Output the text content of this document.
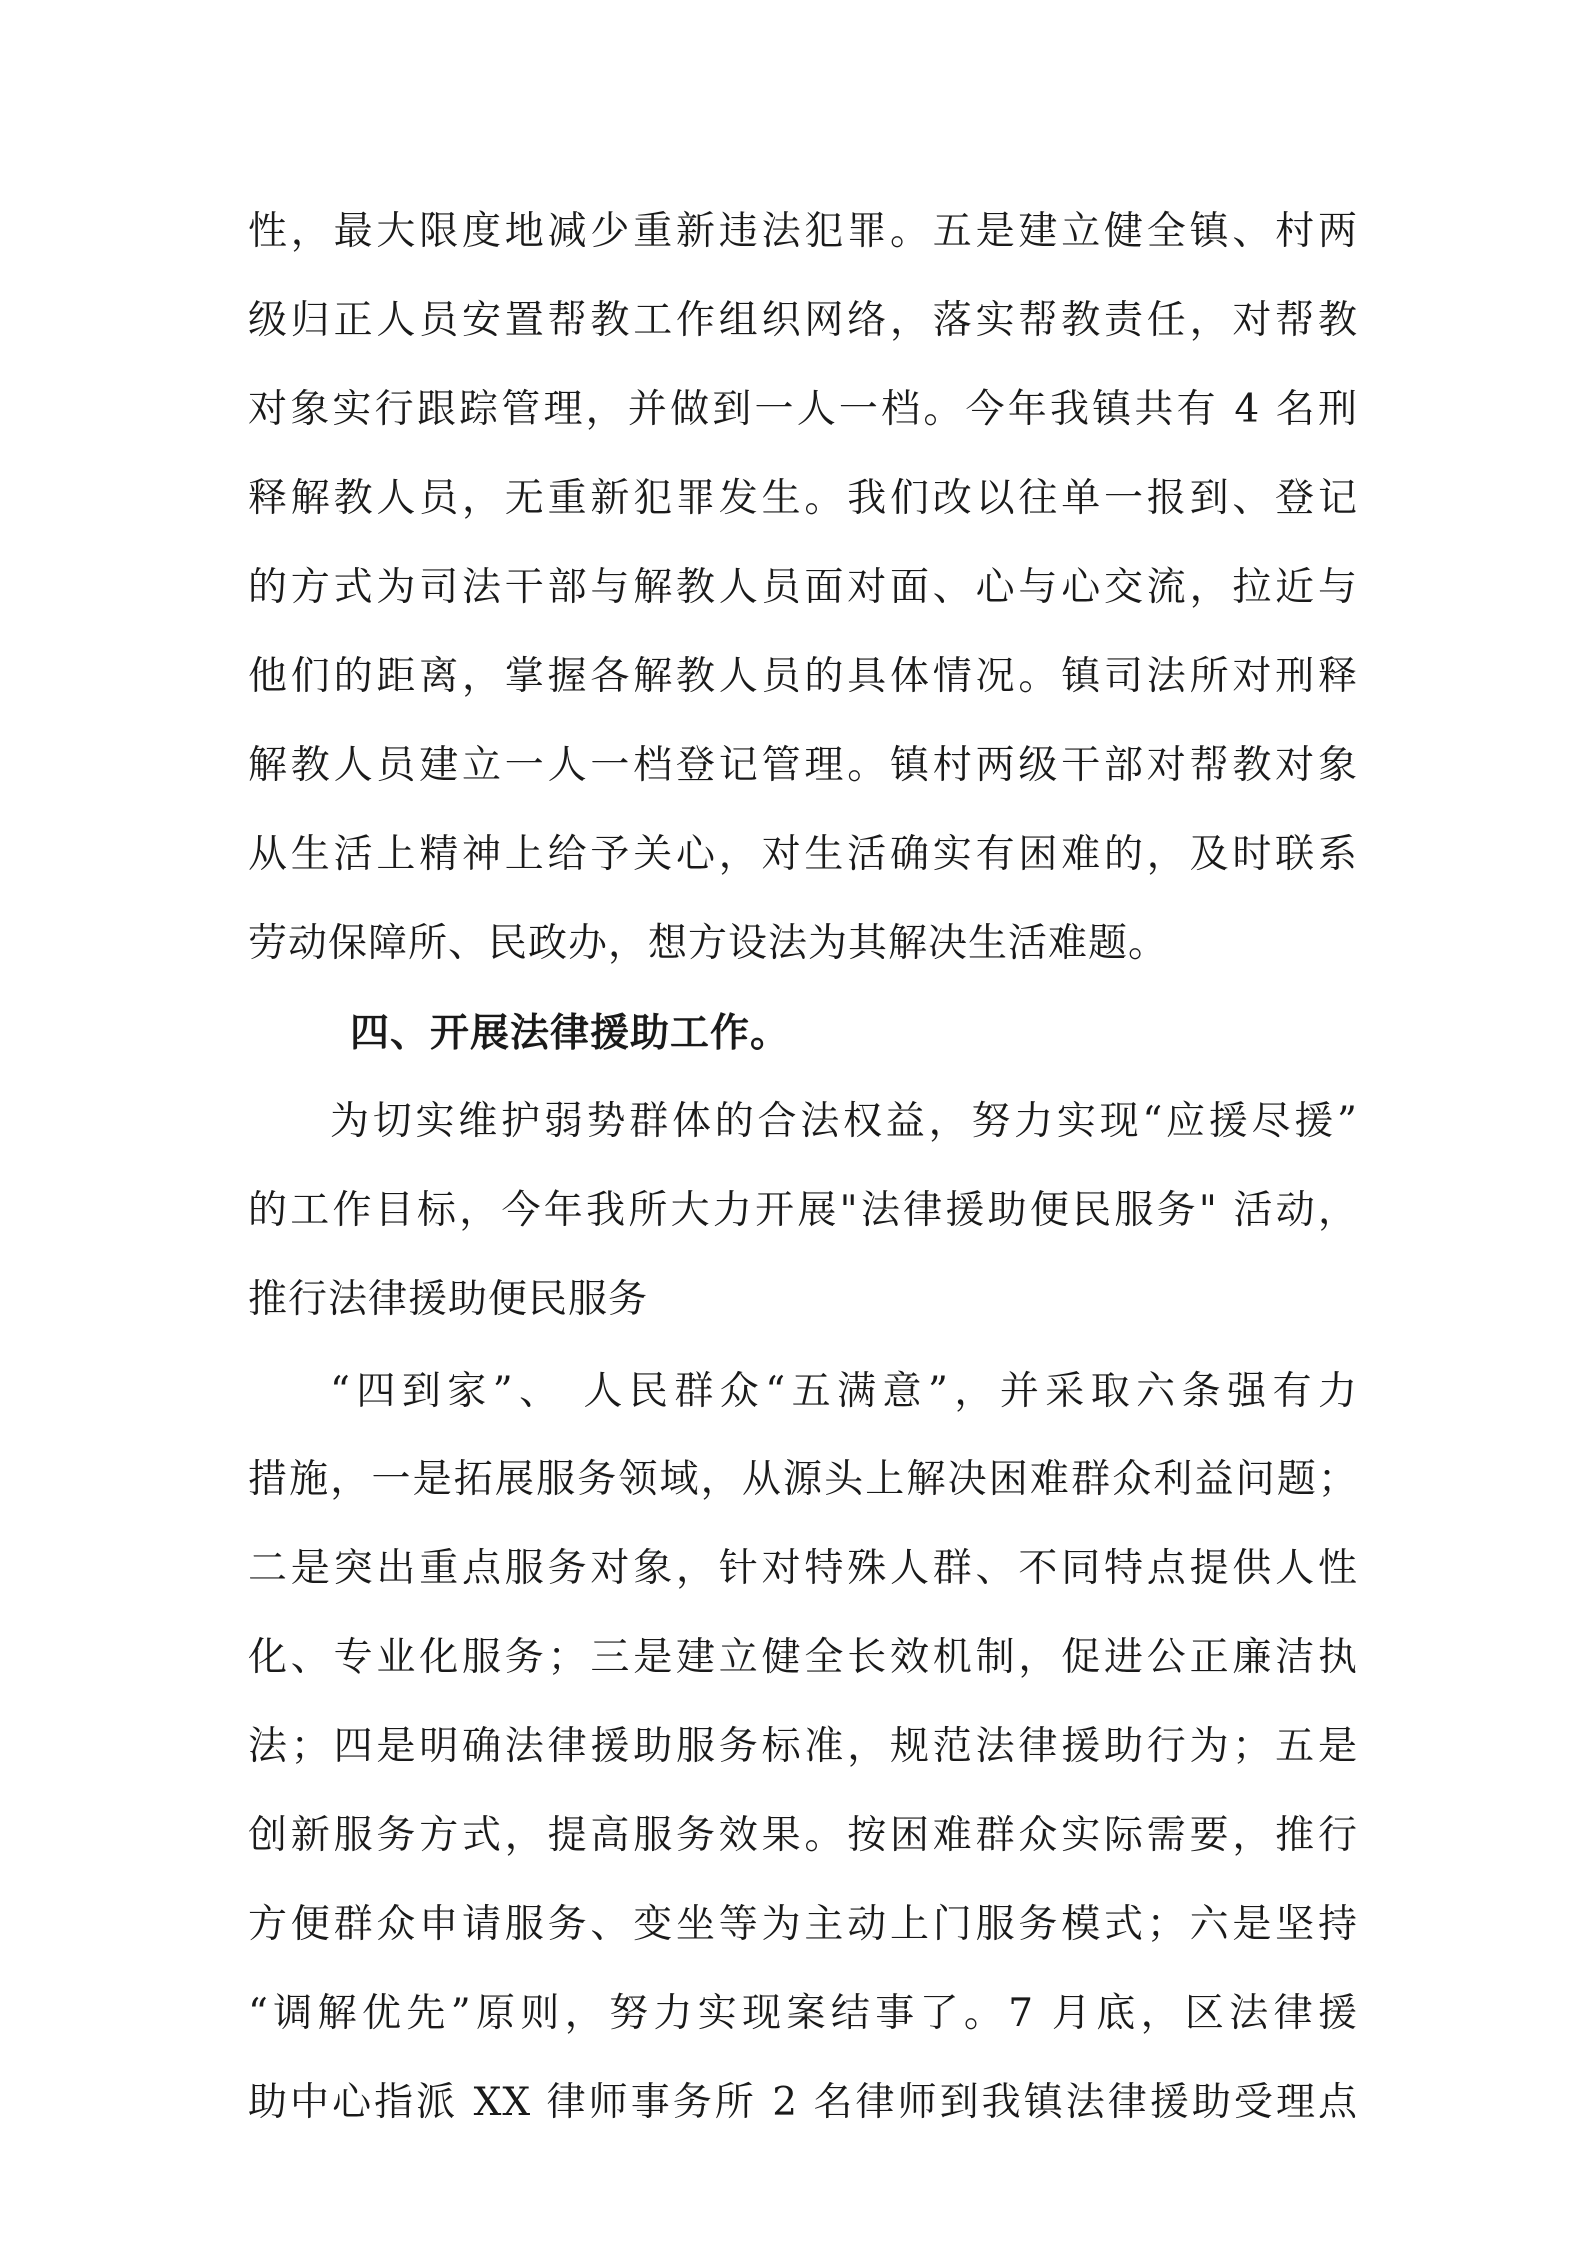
性，最大限度地减少重新违法犯罪。五是建立健全镇、村两
级归正人员安置帮教工作组织网络，落实帮教责任，对帮教
对象实行跟踪管理，并做到一人一档。今年我镇共有 4 名刑
释解教人员，无重新犯罪发生。我们改以往单一报到、登记
的方式为司法干部与解教人员面对面、心与心交流，拉近与
他们的距离，掌握各解教人员的具体情况。镇司法所对刑释
解教人员建立一人一档登记管理。镇村两级干部对帮教对象
从生活上精神上给予关心，对生活确实有困难的，及时联系
劳动保障所、民政办，想方设法为其解决生活难题。
四、开展法律援助工作。
为切实维护弱势群体的合法权益，努力实现“应援尽援”
的工作目标，今年我所大力开展"法律援助便民服务" 活动，
推行法律援助便民服务
“四到家”、 人民群众“五满意”，并采取六条强有力
措施，一是拓展服务领域，从源头上解决困难群众利益问题；
二是突出重点服务对象，针对特殊人群、不同特点提供人性
化、专业化服务；三是建立健全长效机制，促进公正廉洁执
法；四是明确法律援助服务标准，规范法律援助行为；五是
创新服务方式，提高服务效果。按困难群众实际需要，推行
方便群众申请服务、变坐等为主动上门服务模式；六是坚持
“调解优先”原则，努力实现案结事了。7 月底，区法律援
助中心指派 XX 律师事务所 2 名律师到我镇法律援助受理点
